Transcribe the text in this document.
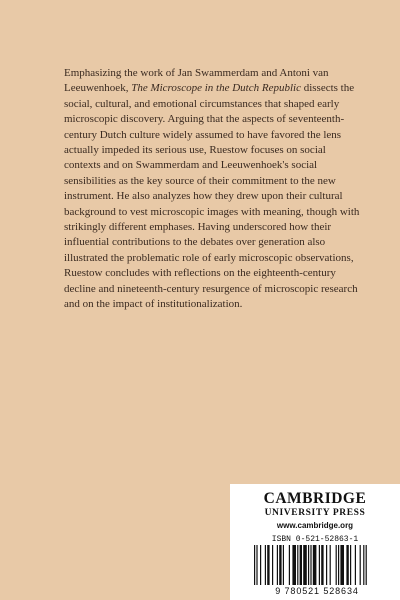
Emphasizing the work of Jan Swammerdam and Antoni van Leeuwenhoek, The Microscope in the Dutch Republic dissects the social, cultural, and emotional circumstances that shaped early microscopic discovery. Arguing that the aspects of seventeenth-century Dutch culture widely assumed to have favored the lens actually impeded its serious use, Ruestow focuses on social contexts and on Swammerdam and Leeuwenhoek's social sensibilities as the key source of their commitment to the new instrument. He also analyzes how they drew upon their cultural background to vest microscopic images with meaning, though with strikingly different emphases. Having underscored how their influential contributions to the debates over generation also illustrated the problematic role of early microscopic observations, Ruestow concludes with reflections on the eighteenth-century decline and nineteenth-century resurgence of microscopic research and on the impact of institutionalization.

CAMBRIDGE
UNIVERSITY PRESS
www.cambridge.org
ISBN 0-521-52863-1
9 780521 528634
